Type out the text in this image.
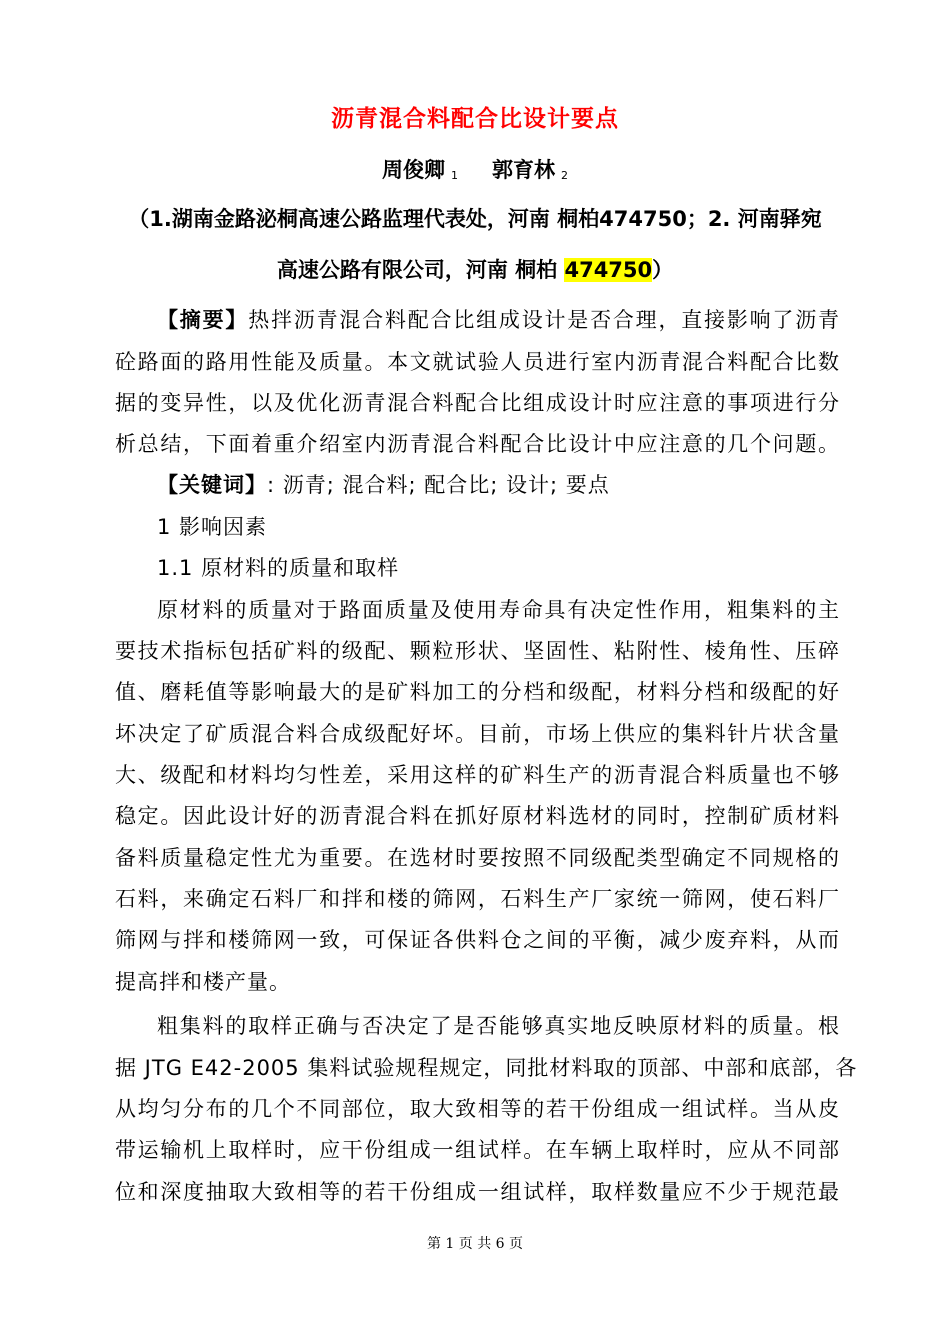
沥青混合料配合比设计要点
周俊卿 $_1$ 郭育林 $_2$
（1.湖南金路泌桐高速公路监理代表处，河南 桐柏474750；2. 河南驿宛
高速公路有限公司，河南 桐柏 474750）
【摘要】热拌沥青混合料配合比组成设计是否合理，直接影响了沥青
砼路面的路用性能及质量。本文就试验人员进行室内沥青混合料配合比数
据的变异性，以及优化沥青混合料配合比组成设计时应注意的事项进行分
析总结，下面着重介绍室内沥青混合料配合比设计中应注意的几个问题。
【关键词】: 沥青; 混合料; 配合比; 设计; 要点
1 影响因素
1.1 原材料的质量和取样
原材料的质量对于路面质量及使用寿命具有决定性作用，粗集料的主
要技术指标包括矿料的级配、颗粒形状、坚固性、粘附性、棱角性、压碎
值、磨耗值等影响最大的是矿料加工的分档和级配，材料分档和级配的好
坏决定了矿质混合料合成级配好坏。目前，市场上供应的集料针片状含量
大、级配和材料均匀性差，采用这样的矿料生产的沥青混合料质量也不够
稳定。因此设计好的沥青混合料在抓好原材料选材的同时，控制矿质材料
备料质量稳定性尤为重要。在选材时要按照不同级配类型确定不同规格的
石料，来确定石料厂和拌和楼的筛网，石料生产厂家统一筛网，使石料厂
筛网与拌和楼筛网一致，可保证各供料仓之间的平衡，减少废弃料，从而
提高拌和楼产量。
粗集料的取样正确与否决定了是否能够真实地反映原材料的质量。根
据 JTG E42-2005 集料试验规程规定，同批材料取的顶部、中部和底部，各
从均匀分布的几个不同部位，取大致相等的若干份组成一组试样。当从皮
带运输机上取样时，应干份组成一组试样。在车辆上取样时，应从不同部
位和深度抽取大致相等的若干份组成一组试样，取样数量应不少于规范最
第 1 页 共 6 页
